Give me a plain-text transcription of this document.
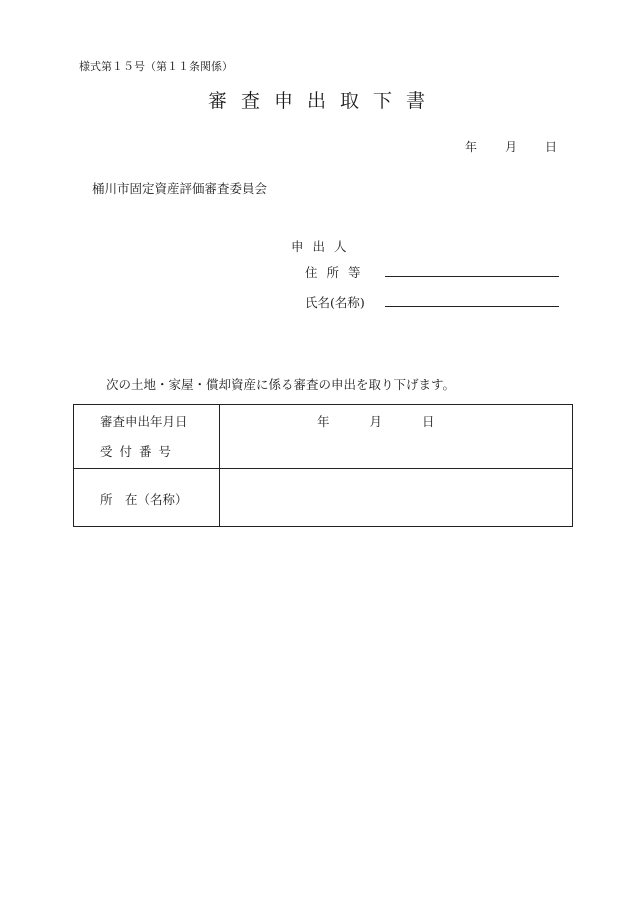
様式第１５号（第１１条関係）
審査申出取下書
年 月 日
桶川市固定資産評価審査委員会
申出人
住所等
氏名(名称)
次の土地・家屋・償却資産に係る審査の申出を取り下げます。
審査申出年月日
受付番号
所　在（名称）
年	月	日
